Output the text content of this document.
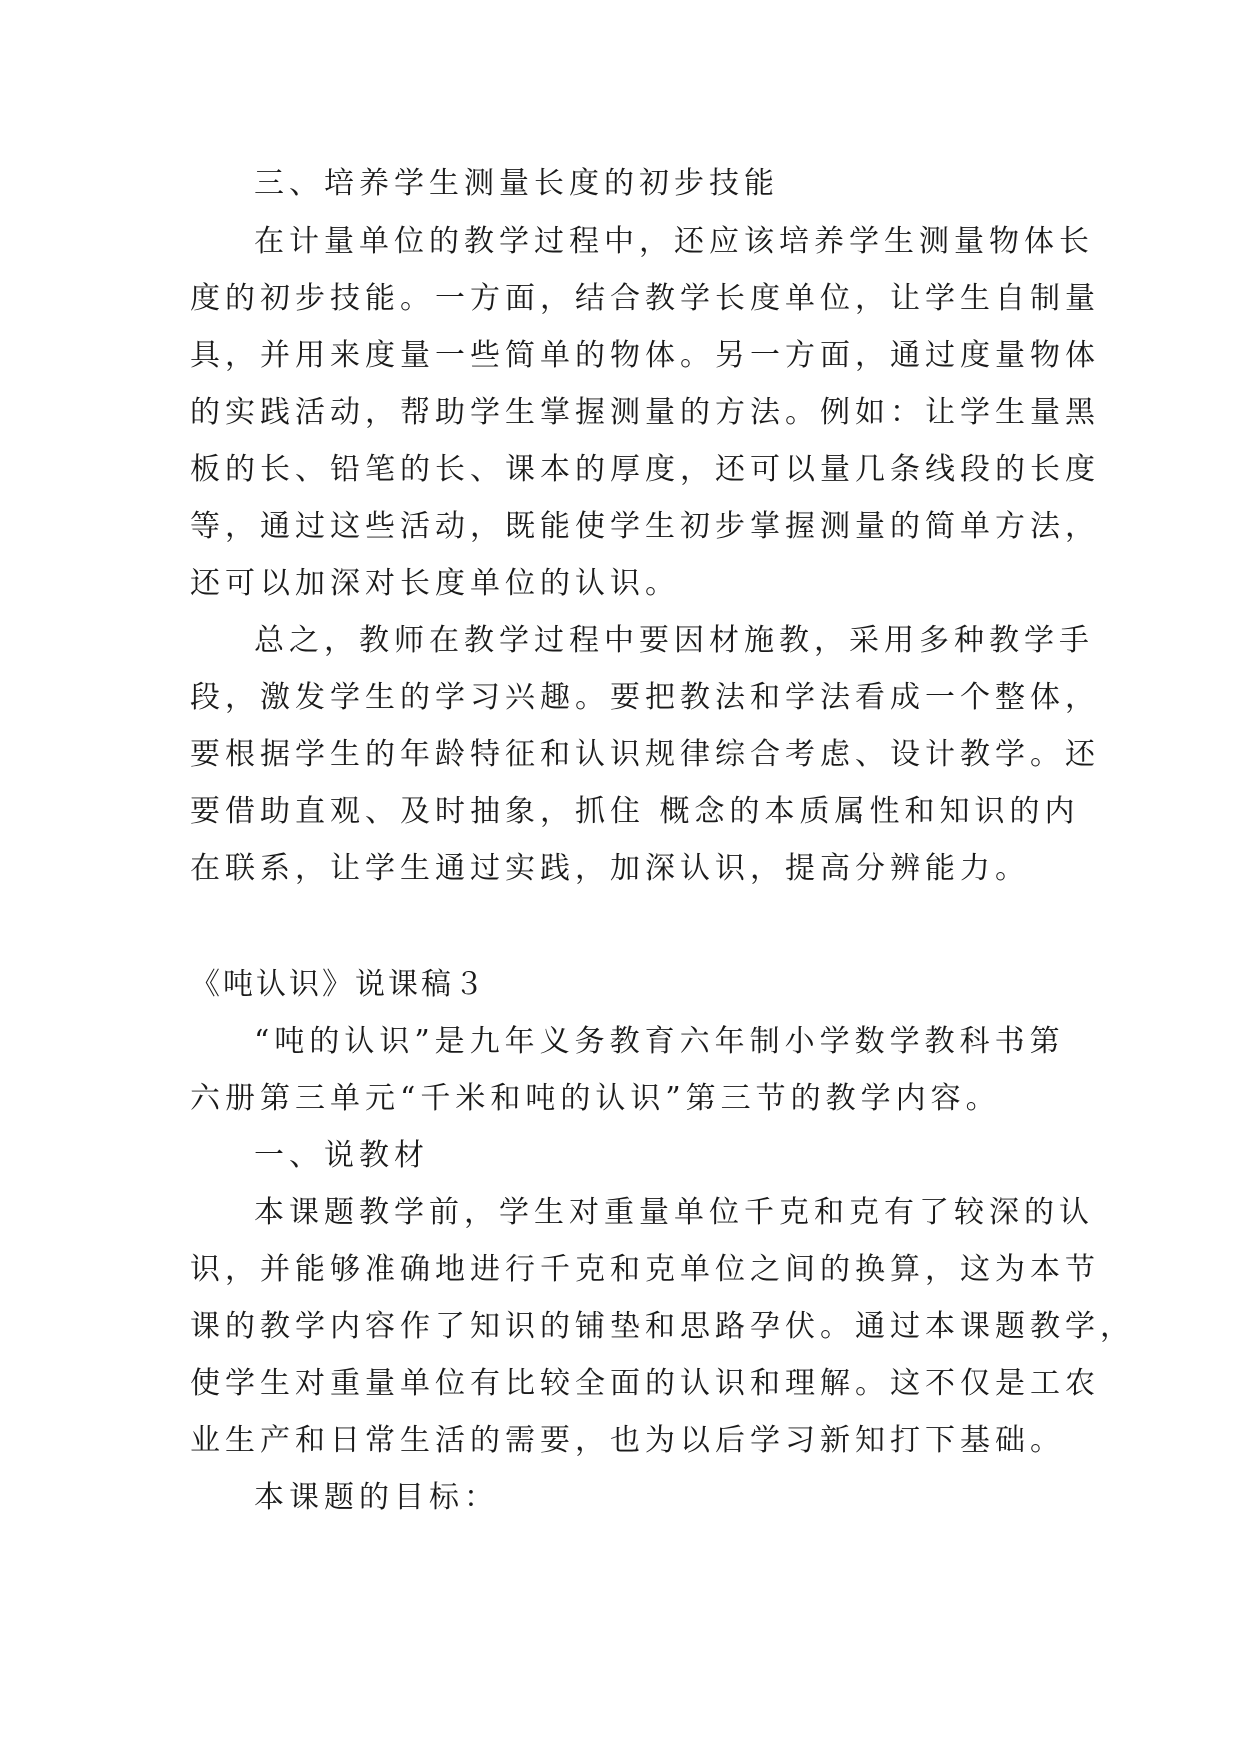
三、培养学生测量长度的初步技能
在计量单位的教学过程中，还应该培养学生测量物体长
度的初步技能。一方面，结合教学长度单位，让学生自制量
具，并用来度量一些简单的物体。另一方面，通过度量物体
的实践活动，帮助学生掌握测量的方法。例如：让学生量黑
板的长、铅笔的长、课本的厚度，还可以量几条线段的长度
等，通过这些活动，既能使学生初步掌握测量的简单方法，
还可以加深对长度单位的认识。
总之，教师在教学过程中要因材施教，采用多种教学手
段，激发学生的学习兴趣。要把教法和学法看成一个整体，
要根据学生的年龄特征和认识规律综合考虑、设计教学。还
要借助直观、及时抽象，抓住 概念的本质属性和知识的内
在联系，让学生通过实践，加深认识，提高分辨能力。
《吨认识》说课稿３
“吨的认识”是九年义务教育六年制小学数学教科书第
六册第三单元“千米和吨的认识”第三节的教学内容。
一、说教材
本课题教学前，学生对重量单位千克和克有了较深的认
识，并能够准确地进行千克和克单位之间的换算，这为本节
课的教学内容作了知识的铺垫和思路孕伏。通过本课题教学，
使学生对重量单位有比较全面的认识和理解。这不仅是工农
业生产和日常生活的需要，也为以后学习新知打下基础。
本课题的目标：
